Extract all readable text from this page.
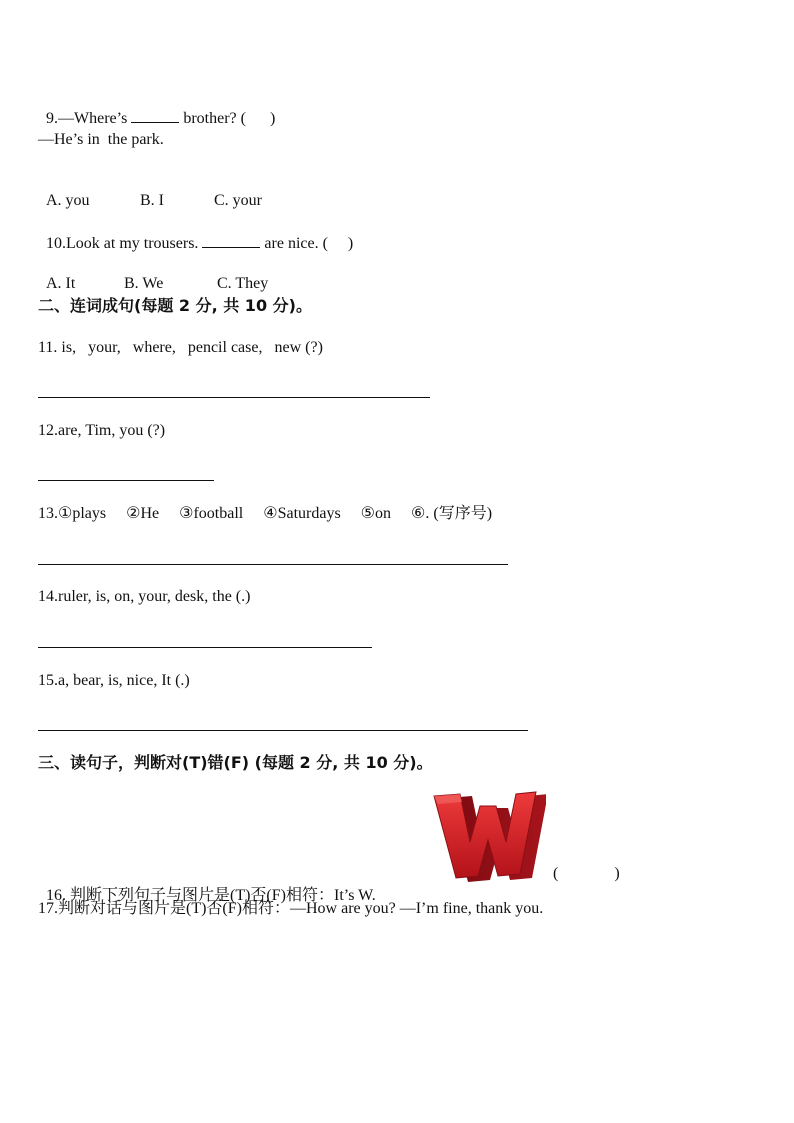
9.—Where’s	brother? (      )

—He’s in  the park.

A. you	B. I	C. your

10.Look at my trousers.	are nice. (     )

A. It	B. We	C. They

二、连词成句(每题 2 分, 共 10 分)。
11. is,   your,   where,   pencil case,   new (?)
12.are, Tim, you (?)
13.①plays     ②He     ③football     ④Saturdays     ⑤on     ⑥. (写序号)
14.ruler, is, on, your, desk, the (.)
15.a, bear, is, nice, It (.)
三、读句子，判断对(T)错(F) (每题 2 分, 共 10 分)。

16. 判断下列句子与图片是(T)否(F)相符：It’s W.

(              )
17.判断对话与图片是(T)否(F)相符：—How are you? —I’m fine, thank you.
